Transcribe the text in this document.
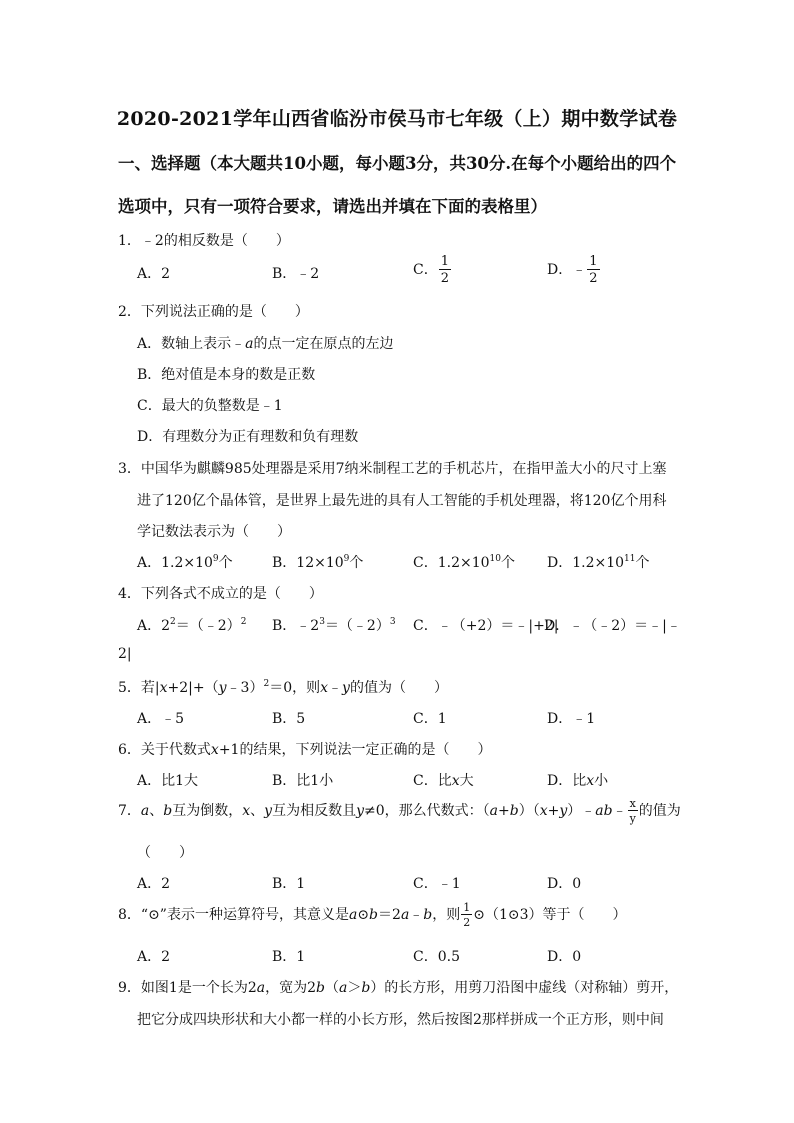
2020-2021学年山西省临汾市侯马市七年级（上）期中数学试卷
一、选择题（本大题共10小题，每小题3分，共30分.在每个小题给出的四个
选项中，只有一项符合要求，请选出并填在下面的表格里）
1．﹣2的相反数是（　　）
A．2	B．﹣2	C． $\frac{1}{2}$	D．﹣ $\frac{1}{2}$
2．下列说法正确的是（　　）
A．数轴上表示﹣a的点一定在原点的左边
B．绝对值是本身的数是正数
C．最大的负整数是﹣1
D．有理数分为正有理数和负有理数
3．中国华为麒麟985处理器是采用7纳米制程工艺的手机芯片，在指甲盖大小的尺寸上塞
进了120亿个晶体管，是世界上最先进的具有人工智能的手机处理器，将120亿个用科
学记数法表示为（　　）
A．$1.2\times 10^9$个	B．$12\times 10^9$个	C．$1.2\times 10^{10}$个 D．$1.2\times 10^{11}$个
4．下列各式不成立的是（　　）
A．$2^2=(﹣2)^2$ B．$﹣2^3=(﹣2)^3$ C．﹣（+2）＝﹣|+2|
D．﹣（﹣2）＝﹣|﹣
2|
5．若|x+2|+（y﹣3）$^2$＝0，则x﹣y的值为（　　）
A．﹣5	B．5	C．1	D．﹣1
6．关于代数式x+1的结果，下列说法一定正确的是（　　）
A．比1大	B．比1小	C．比x大	D．比x小
7．a、b互为倒数，x、y互为相反数且y≠0，那么代数式：（a+b）（x+y）﹣ab﹣ $\frac{x}{y}$ 的值为
（　　）
A．2	B．1	C．﹣1	D．0
8．“⊙”表示一种运算符号，其意义是a⊙b＝2a﹣b，则 $\frac{1}{2}$ ⊙（1⊙3）等于（　　）
A．2	B．1	C．0.5	D．0
9．如图1是一个长为2a，宽为2b（a＞b）的长方形，用剪刀沿图中虚线（对称轴）剪开，
把它分成四块形状和大小都一样的小长方形，然后按图2那样拼成一个正方形，则中间
